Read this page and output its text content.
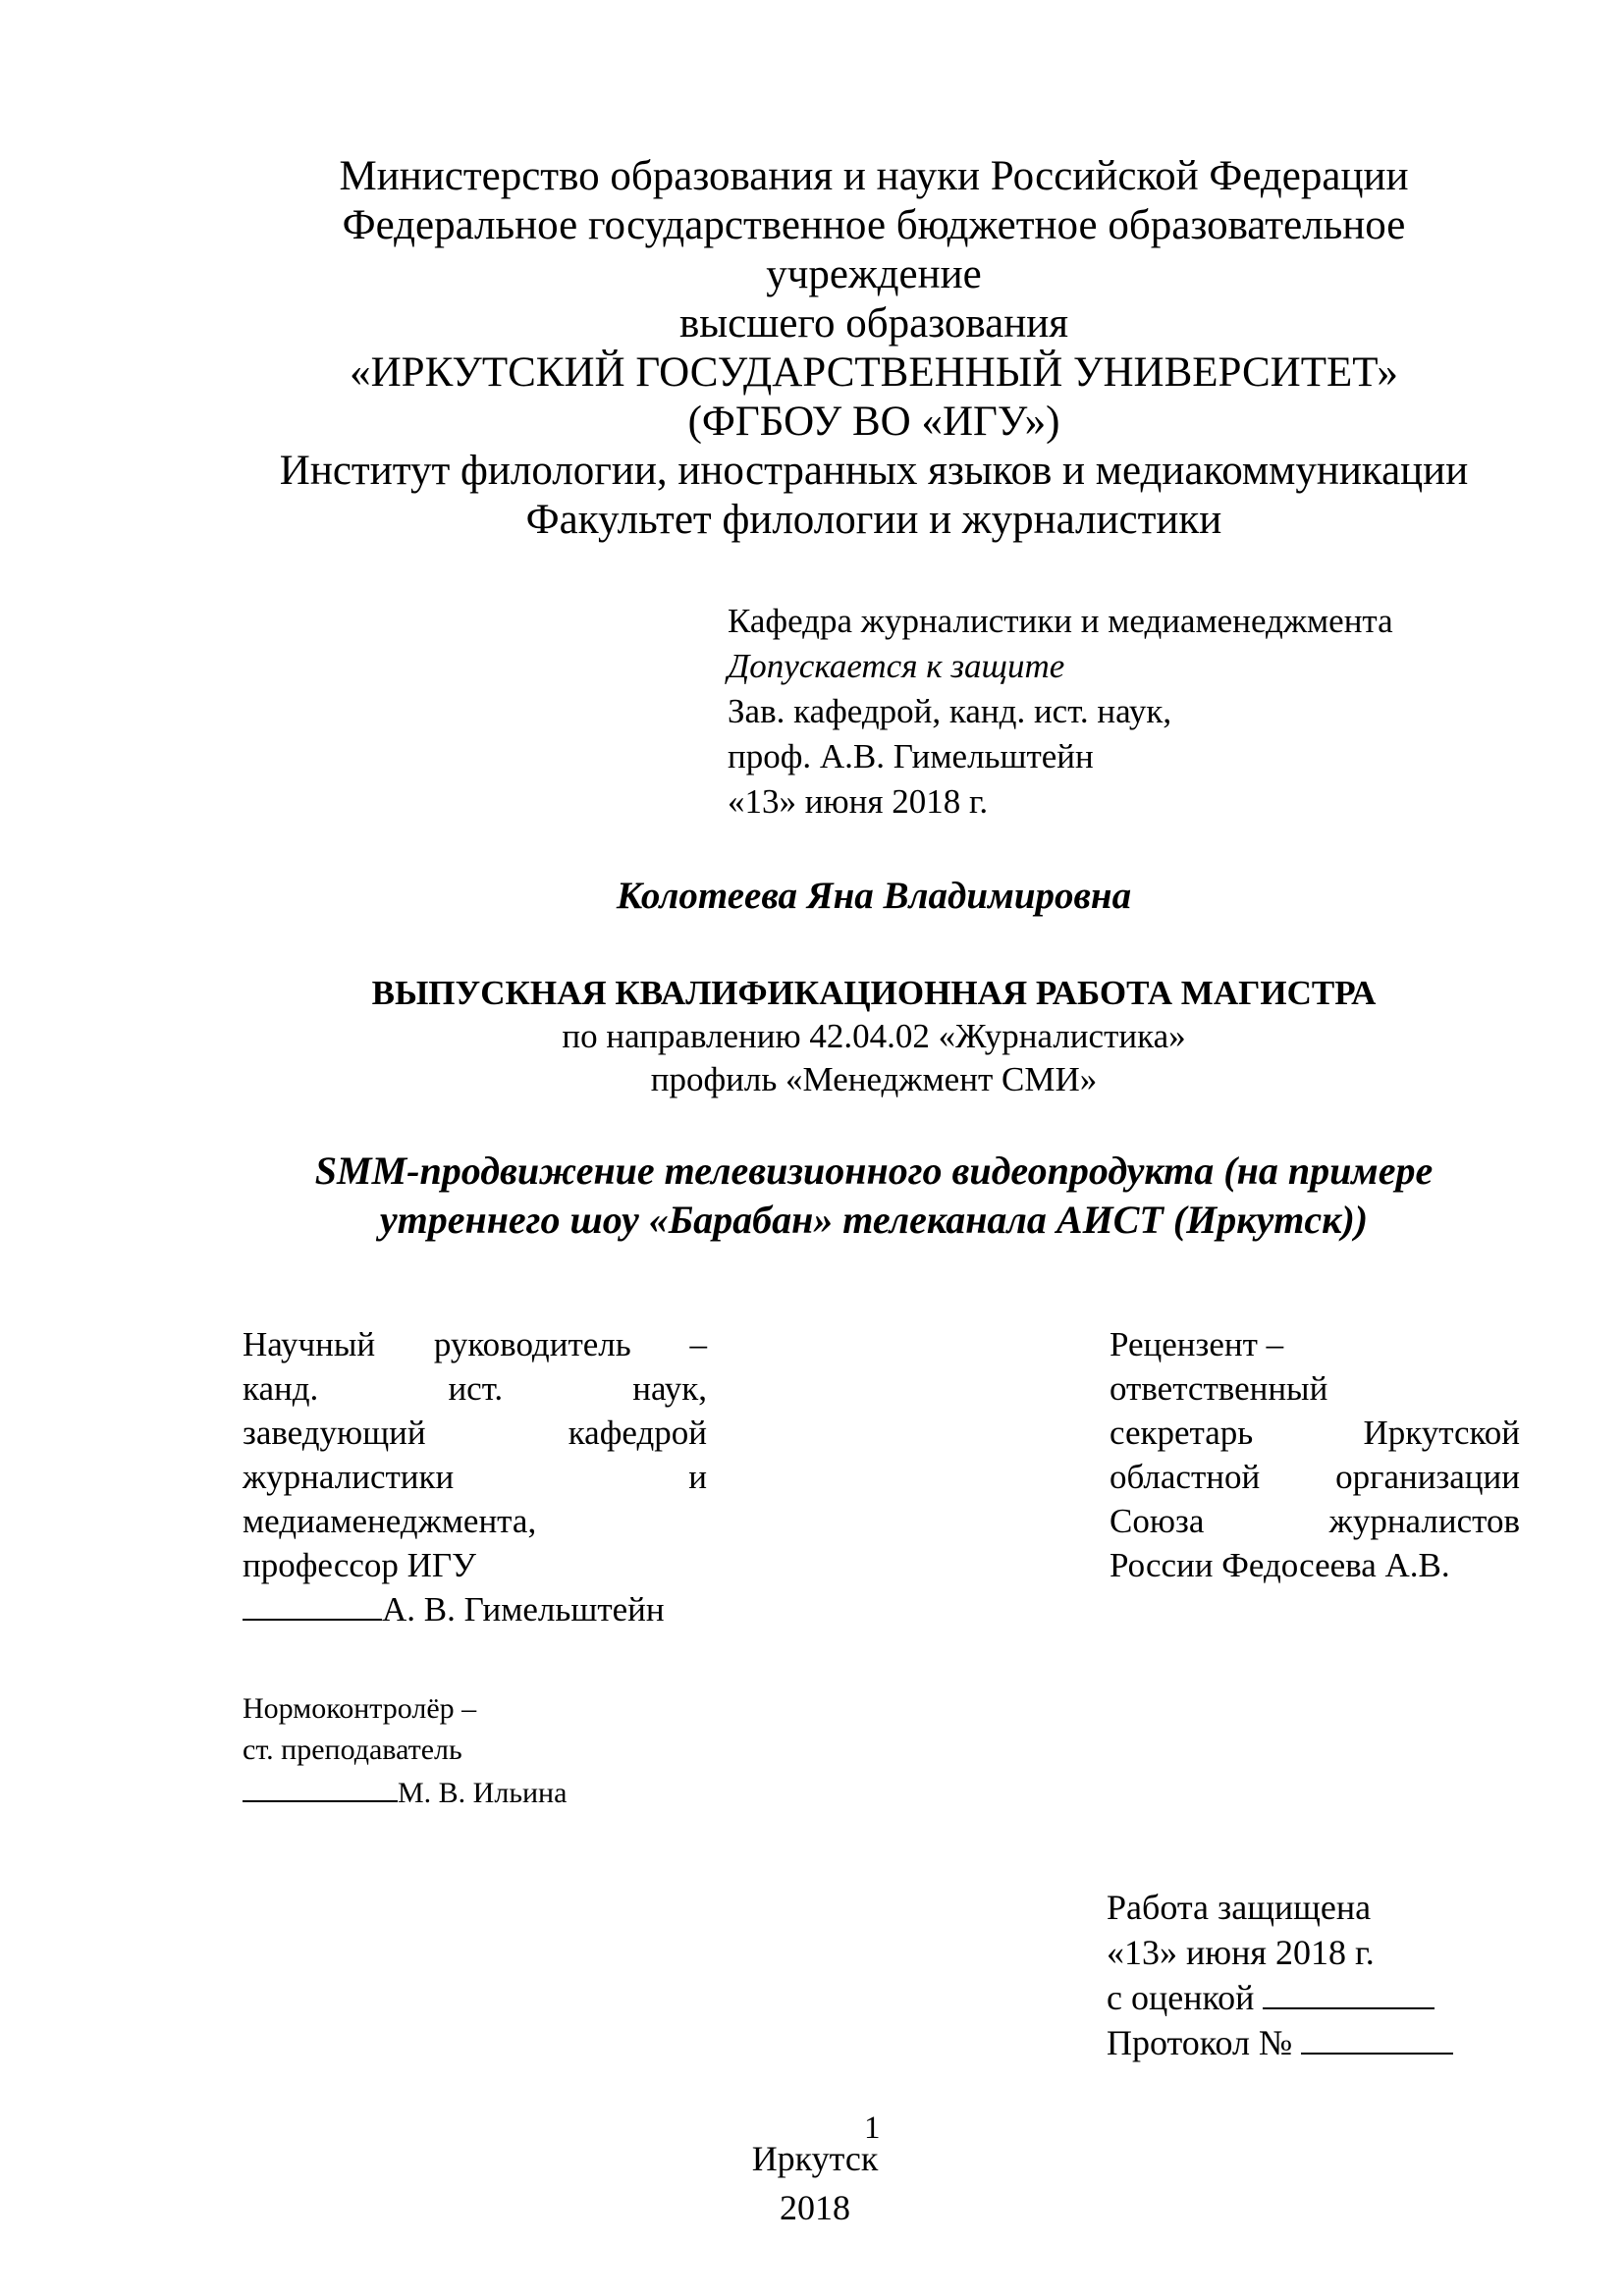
Министерство образования и науки Российской Федерации
Федеральное государственное бюджетное образовательное
учреждение
высшего образования
«ИРКУТСКИЙ ГОСУДАРСТВЕННЫЙ УНИВЕРСИТЕТ»
(ФГБОУ ВО «ИГУ»)
Институт филологии, иностранных языков и медиакоммуникации
Факультет филологии и журналистики
Кафедра журналистики и медиаменеджмента
Допускается к защите
Зав. кафедрой, канд. ист. наук,
проф. А.В. Гимельштейн
«13» июня 2018 г.
Колотеева Яна Владимировна
ВЫПУСКНАЯ КВАЛИФИКАЦИОННАЯ РАБОТА МАГИСТРА
по направлению 42.04.02 «Журналистика»
профиль «Менеджмент СМИ»
SMM-продвижение телевизионного видеопродукта (на примере
утреннего шоу «Барабан» телеканала АИСТ (Иркутск))
Научный руководитель –
канд.	ист.	наук,
заведующий	кафедрой
журналистики	и
медиаменеджмента,
профессор ИГУ
А. В. Гимельштейн
Рецензент –
ответственный
секретарь	Иркутской
областной организации
Союза	журналистов
России Федосеева А.В.
Нормоконтролёр –
ст. преподаватель
М. В. Ильина
Работа защищена
«13» июня 2018 г.
с оценкой
Протокол №
1
Иркутск
2018
